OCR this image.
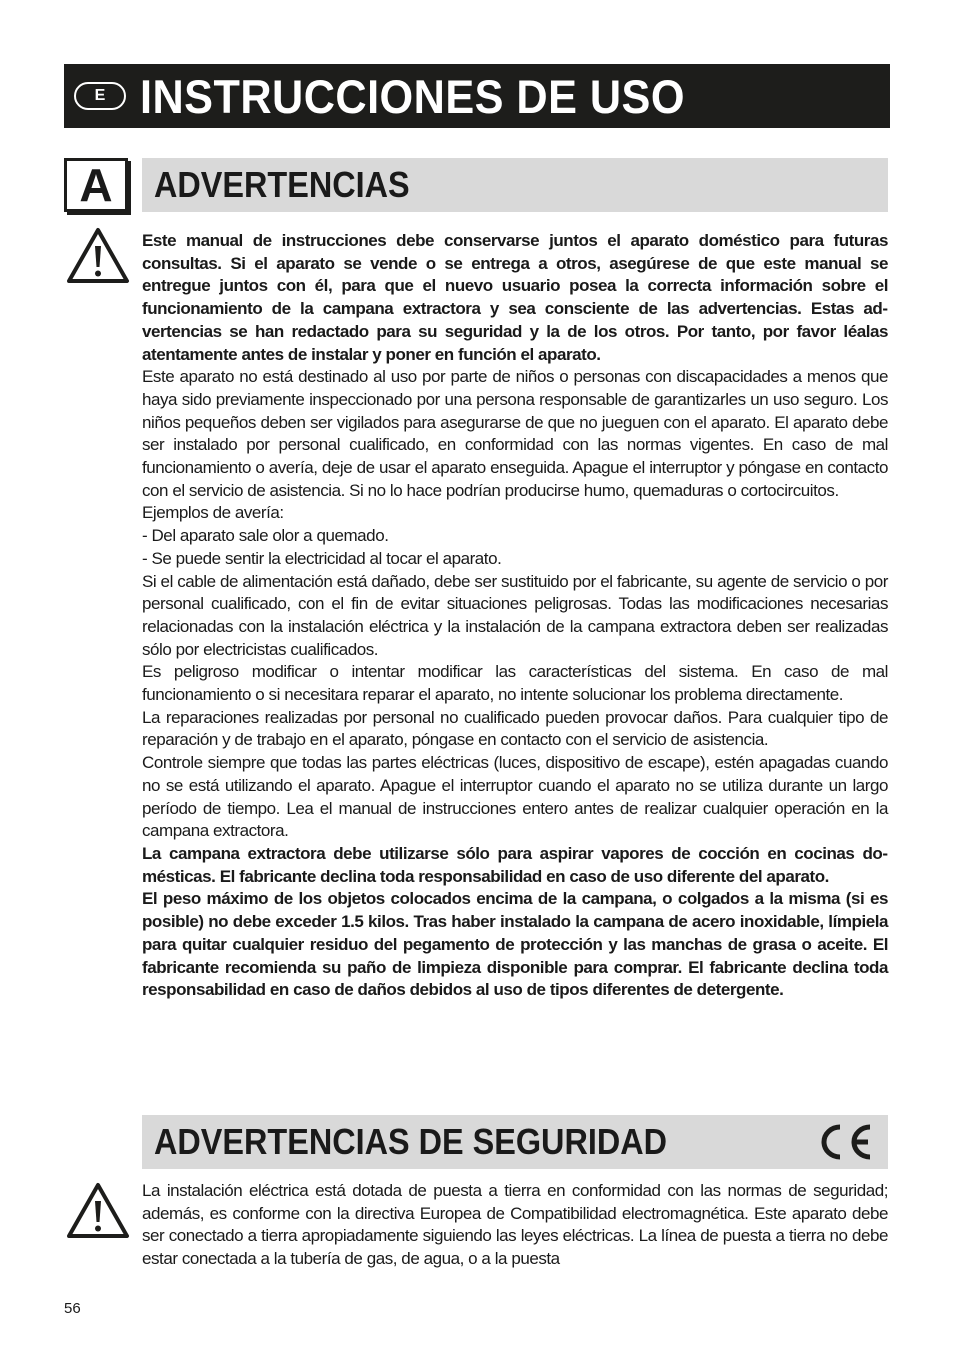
E INSTRUCCIONES DE USO
A	ADVERTENCIAS

Este manual de instrucciones debe conservarse juntos el aparato doméstico para futuras consultas. Si el aparato se vende o se entrega a otros, asegúrese de que este manual se entregue juntos con él, para que el nuevo usuario posea la correcta información sobre el funcionamiento de la campana extractora y sea consciente de las advertencias. Estas advertencias se han redactado para su seguridad y la de los otros. Por tanto, por favor léalas atentamente antes de instalar y poner en función el aparato.

Este aparato no está destinado al uso por parte de niños o personas con discapacidades a menos que haya sido previamente inspeccionado por una persona responsable de garantizarles un uso seguro. Los niños pequeños deben ser vigilados para asegurarse de que no jueguen con el aparato. El aparato debe ser instalado por personal cualificado, en conformidad con las normas vigentes. En caso de mal funcionamiento o avería, deje de usar el aparato enseguida. Apague el interruptor y póngase en contacto con el servicio de asistencia. Si no lo hace podrían producirse humo, quemaduras o cortocircuitos.

Ejemplos de avería:

- Del aparato sale olor a quemado.

- Se puede sentir la electricidad al tocar el aparato.

Si el cable de alimentación está dañado, debe ser sustituido por el fabricante, su agente de servicio o por personal cualificado, con el fin de evitar situaciones peligrosas. Todas las modificaciones necesarias relacionadas con la instalación eléctrica y la instalación de la campana extractora deben ser realizadas sólo por electricistas cualificados.

Es peligroso modificar o intentar modificar las características del sistema. En caso de mal funcionamiento o si necesitara reparar el aparato, no intente solucionar los problema directamente.

La reparaciones realizadas por personal no cualificado pueden provocar daños. Para cualquier tipo de reparación y de trabajo en el aparato, póngase en contacto con el servicio de asistencia.

Controle siempre que todas las partes eléctricas (luces, dispositivo de escape), estén apagadas cuando no se está utilizando el aparato. Apague el interruptor cuando el aparato no se utiliza durante un largo período de tiempo. Lea el manual de instrucciones entero antes de realizar cualquier operación en la campana extractora.

La campana extractora debe utilizarse sólo para aspirar vapores de cocción en cocinas domésticas. El fabricante declina toda responsabilidad en caso de uso diferente del aparato.

El peso máximo de los objetos colocados encima de la campana, o colgados a la misma (si es posible) no debe exceder 1.5 kilos. Tras haber instalado la campana de acero inoxidable, límpiela para quitar cualquier residuo del pegamento de protección y las manchas de grasa o aceite. El fabricante recomienda su paño de limpieza disponible para comprar. El fabricante declina toda responsabilidad en caso de daños debidos al uso de tipos diferentes de detergente.

ADVERTENCIAS DE SEGURIDAD

La instalación eléctrica está dotada de puesta a tierra en conformidad con las normas de seguridad; además, es conforme con la directiva Europea de Compatibilidad electromagnética. Este aparato debe ser conectado a tierra apropiadamente siguiendo las leyes eléctricas. La línea de puesta a tierra no debe estar conectada a la tubería de gas, de agua, o a la puesta

56
